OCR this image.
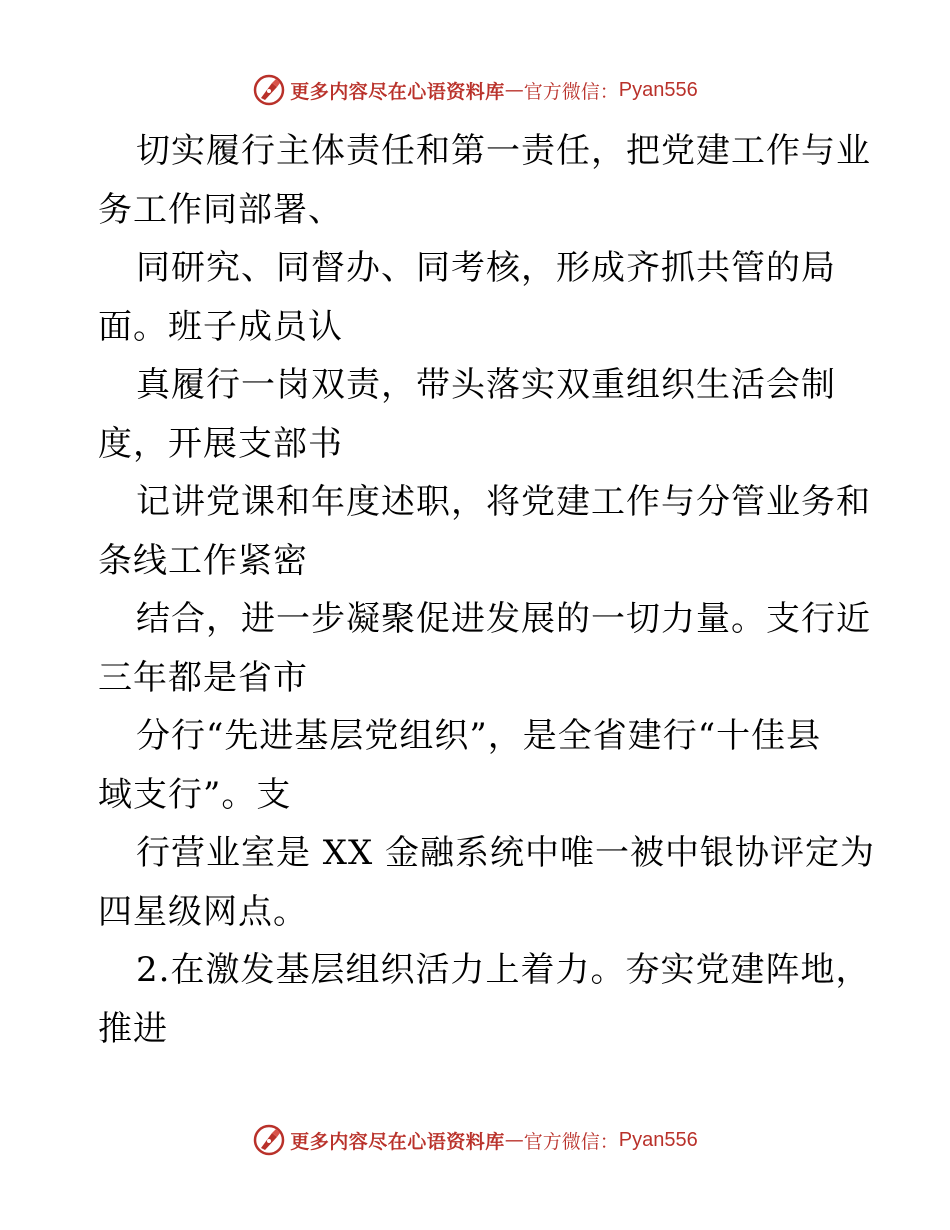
更多内容尽在心语资料库 — 官方微信： Pyan556
切实履行主体责任和第一责任，把党建工作与业
务工作同部署、
同研究、同督办、同考核，形成齐抓共管的局
面。班子成员认
真履行一岗双责，带头落实双重组织生活会制
度，开展支部书
记讲党课和年度述职，将党建工作与分管业务和
条线工作紧密
结合，进一步凝聚促进发展的一切力量。支行近
三年都是省市
分行“先进基层党组织”，是全省建行“十佳县
域支行”。支
行营业室是 XX 金融系统中唯一被中银协评定为
四星级网点。
2.在激发基层组织活力上着力。夯实党建阵地，
推进
更多内容尽在心语资料库 — 官方微信： Pyan556
